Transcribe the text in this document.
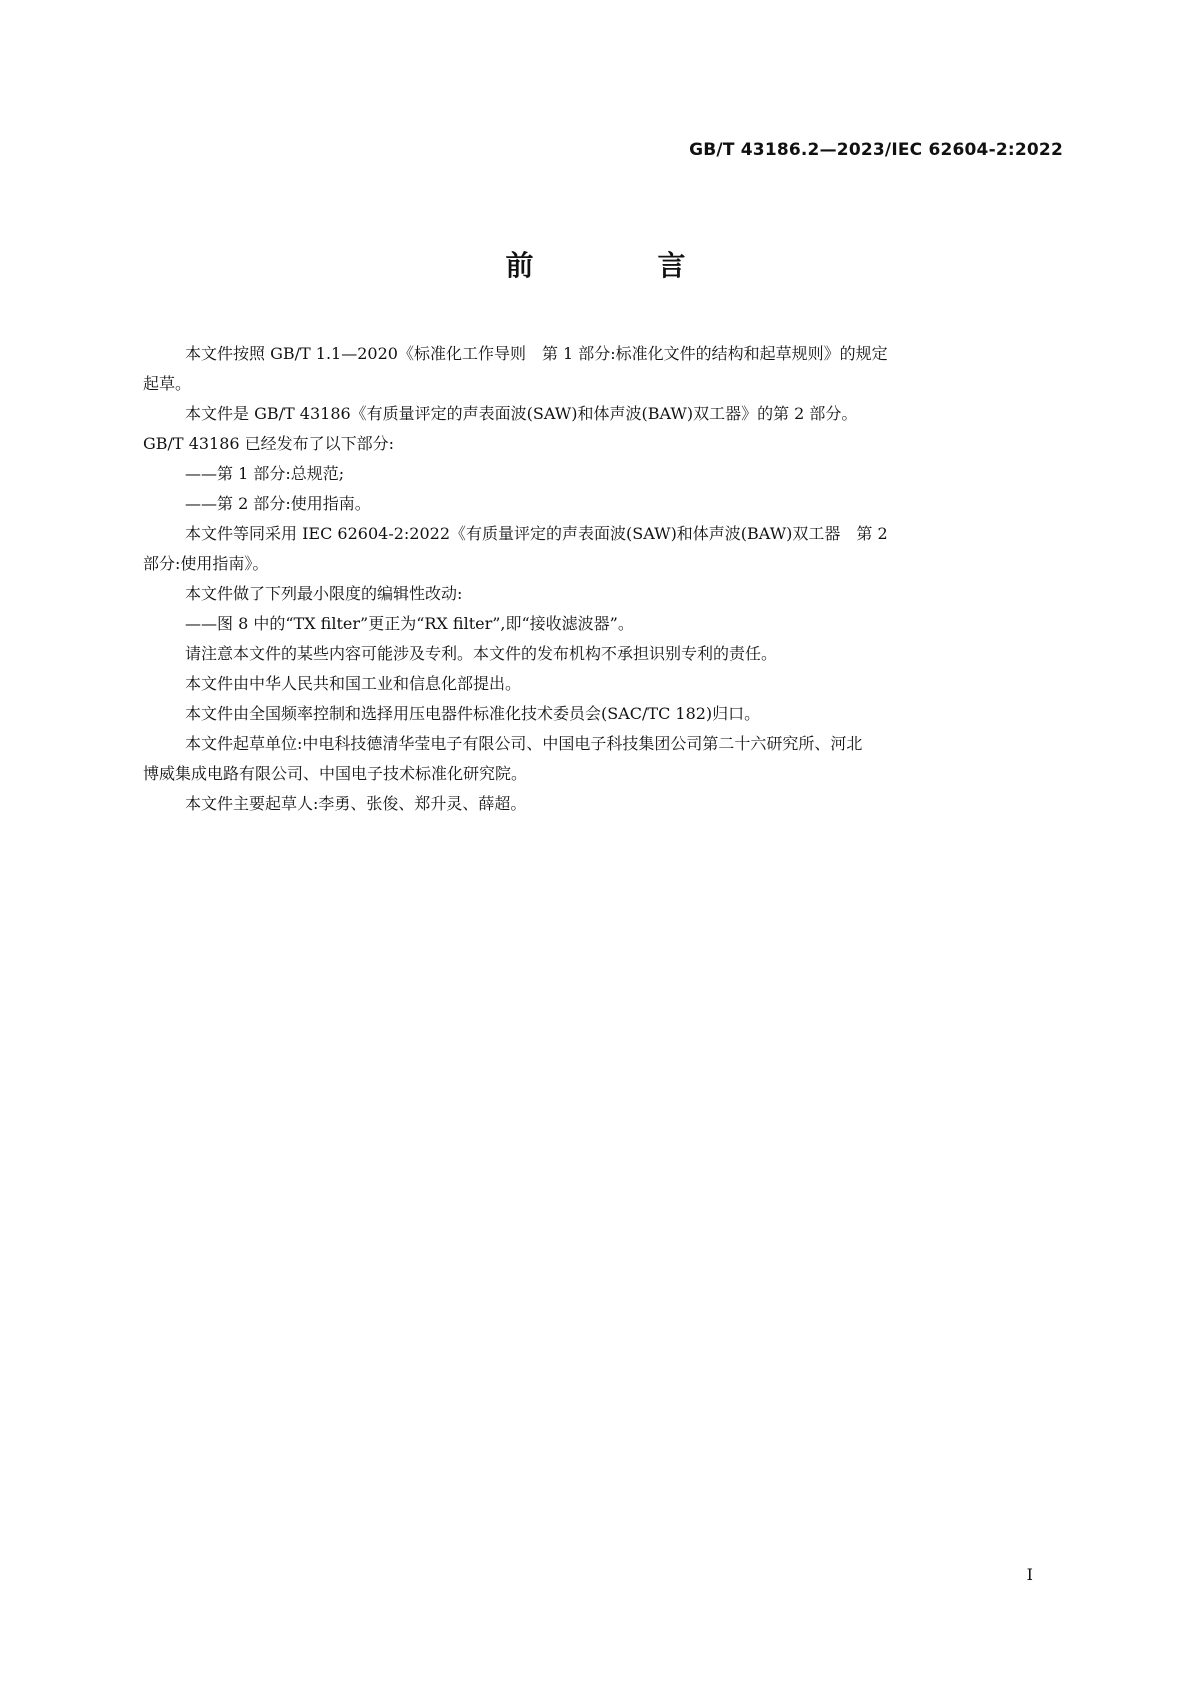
GB/T 43186.2—2023/IEC 62604-2:2022
前　言

本文件按照 GB/T 1.1—2020《标准化工作导则　第 1 部分:标准化文件的结构和起草规则》的规定
起草。

本文件是 GB/T 43186《有质量评定的声表面波(SAW)和体声波(BAW)双工器》的第 2 部分。
GB/T 43186 已经发布了以下部分:

——第 1 部分:总规范;

——第 2 部分:使用指南。

本文件等同采用 IEC 62604-2:2022《有质量评定的声表面波(SAW)和体声波(BAW)双工器　第 2
部分:使用指南》。

本文件做了下列最小限度的编辑性改动:

——图 8 中的“TX filter”更正为“RX filter”,即“接收滤波器”。

请注意本文件的某些内容可能涉及专利。本文件的发布机构不承担识别专利的责任。

本文件由中华人民共和国工业和信息化部提出。

本文件由全国频率控制和选择用压电器件标准化技术委员会(SAC/TC 182)归口。

本文件起草单位:中电科技德清华莹电子有限公司、中国电子科技集团公司第二十六研究所、河北
博威集成电路有限公司、中国电子技术标准化研究院。

本文件主要起草人:李勇、张俊、郑升灵、薛超。

I
